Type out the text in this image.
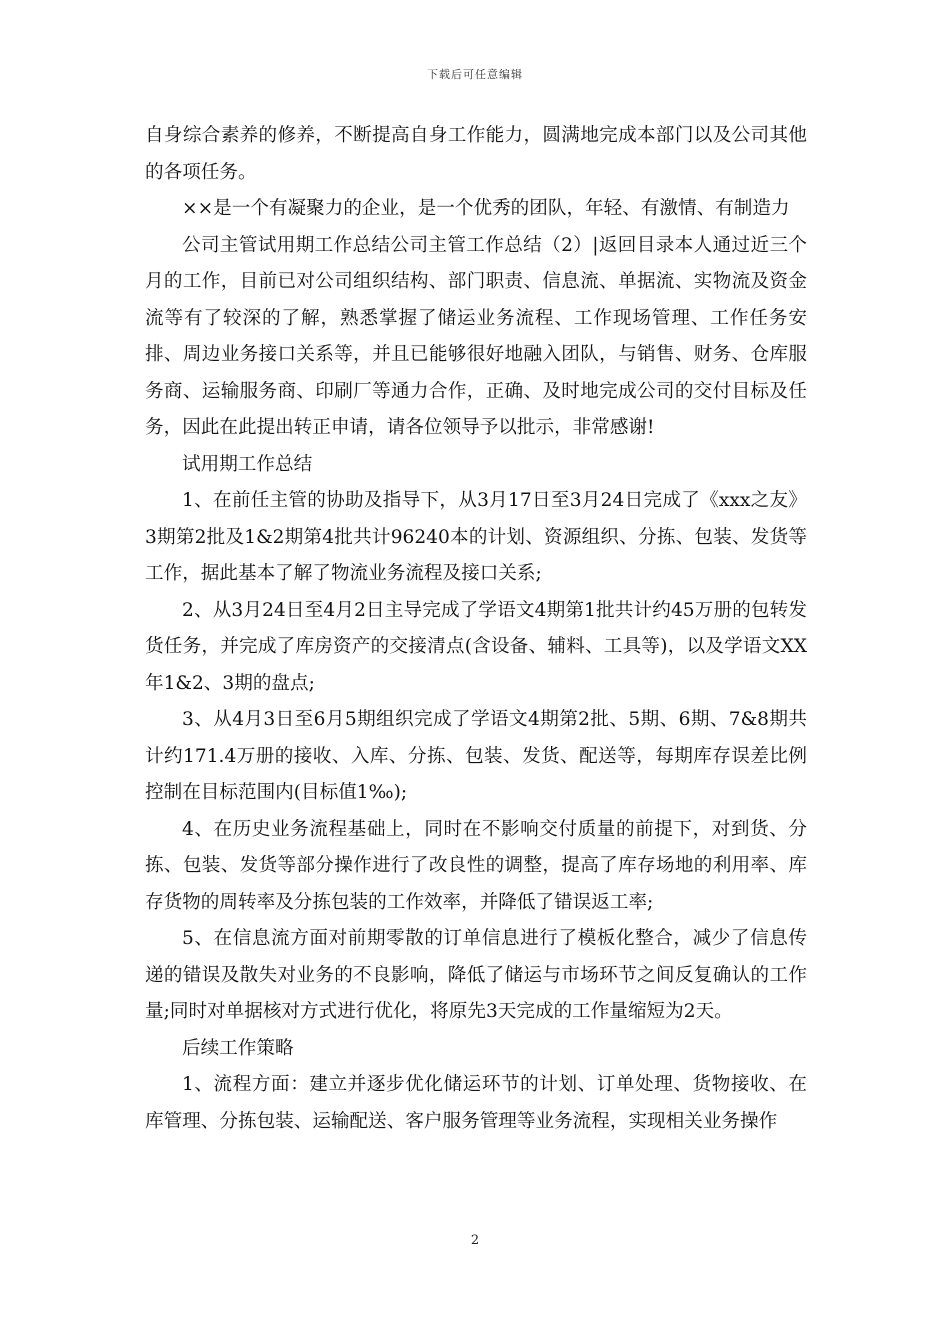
下载后可任意编辑

自身综合素养的修养，不断提高自身工作能力，圆满地完成本部门以及公司其他的各项任务。

××是一个有凝聚力的企业，是一个优秀的团队，年轻、有激情、有制造力

公司主管试用期工作总结公司主管工作总结（2）|返回目录本人通过近三个月的工作，目前已对公司组织结构、部门职责、信息流、单据流、实物流及资金流等有了较深的了解，熟悉掌握了储运业务流程、工作现场管理、工作任务安排、周边业务接口关系等，并且已能够很好地融入团队，与销售、财务、仓库服务商、运输服务商、印刷厂等通力合作，正确、及时地完成公司的交付目标及任务，因此在此提出转正申请，请各位领导予以批示，非常感谢!

试用期工作总结

1、在前任主管的协助及指导下，从3月17日至3月24日完成了《xxx之友》3期第2批及1&2期第4批共计96240本的计划、资源组织、分拣、包装、发货等工作，据此基本了解了物流业务流程及接口关系;

2、从3月24日至4月2日主导完成了学语文4期第1批共计约45万册的包转发货任务，并完成了库房资产的交接清点(含设备、辅料、工具等)，以及学语文XX年1&2、3期的盘点;

3、从4月3日至6月5期组织完成了学语文4期第2批、5期、6期、7&8期共计约171.4万册的接收、入库、分拣、包装、发货、配送等，每期库存误差比例控制在目标范围内(目标值1‰);

4、在历史业务流程基础上，同时在不影响交付质量的前提下，对到货、分拣、包装、发货等部分操作进行了改良性的调整，提高了库存场地的利用率、库存货物的周转率及分拣包装的工作效率，并降低了错误返工率;

5、在信息流方面对前期零散的订单信息进行了模板化整合，减少了信息传递的错误及散失对业务的不良影响，降低了储运与市场环节之间反复确认的工作量;同时对单据核对方式进行优化，将原先3天完成的工作量缩短为2天。

后续工作策略

1、流程方面：建立并逐步优化储运环节的计划、订单处理、货物接收、在库管理、分拣包装、运输配送、客户服务管理等业务流程，实现相关业务操作

2
